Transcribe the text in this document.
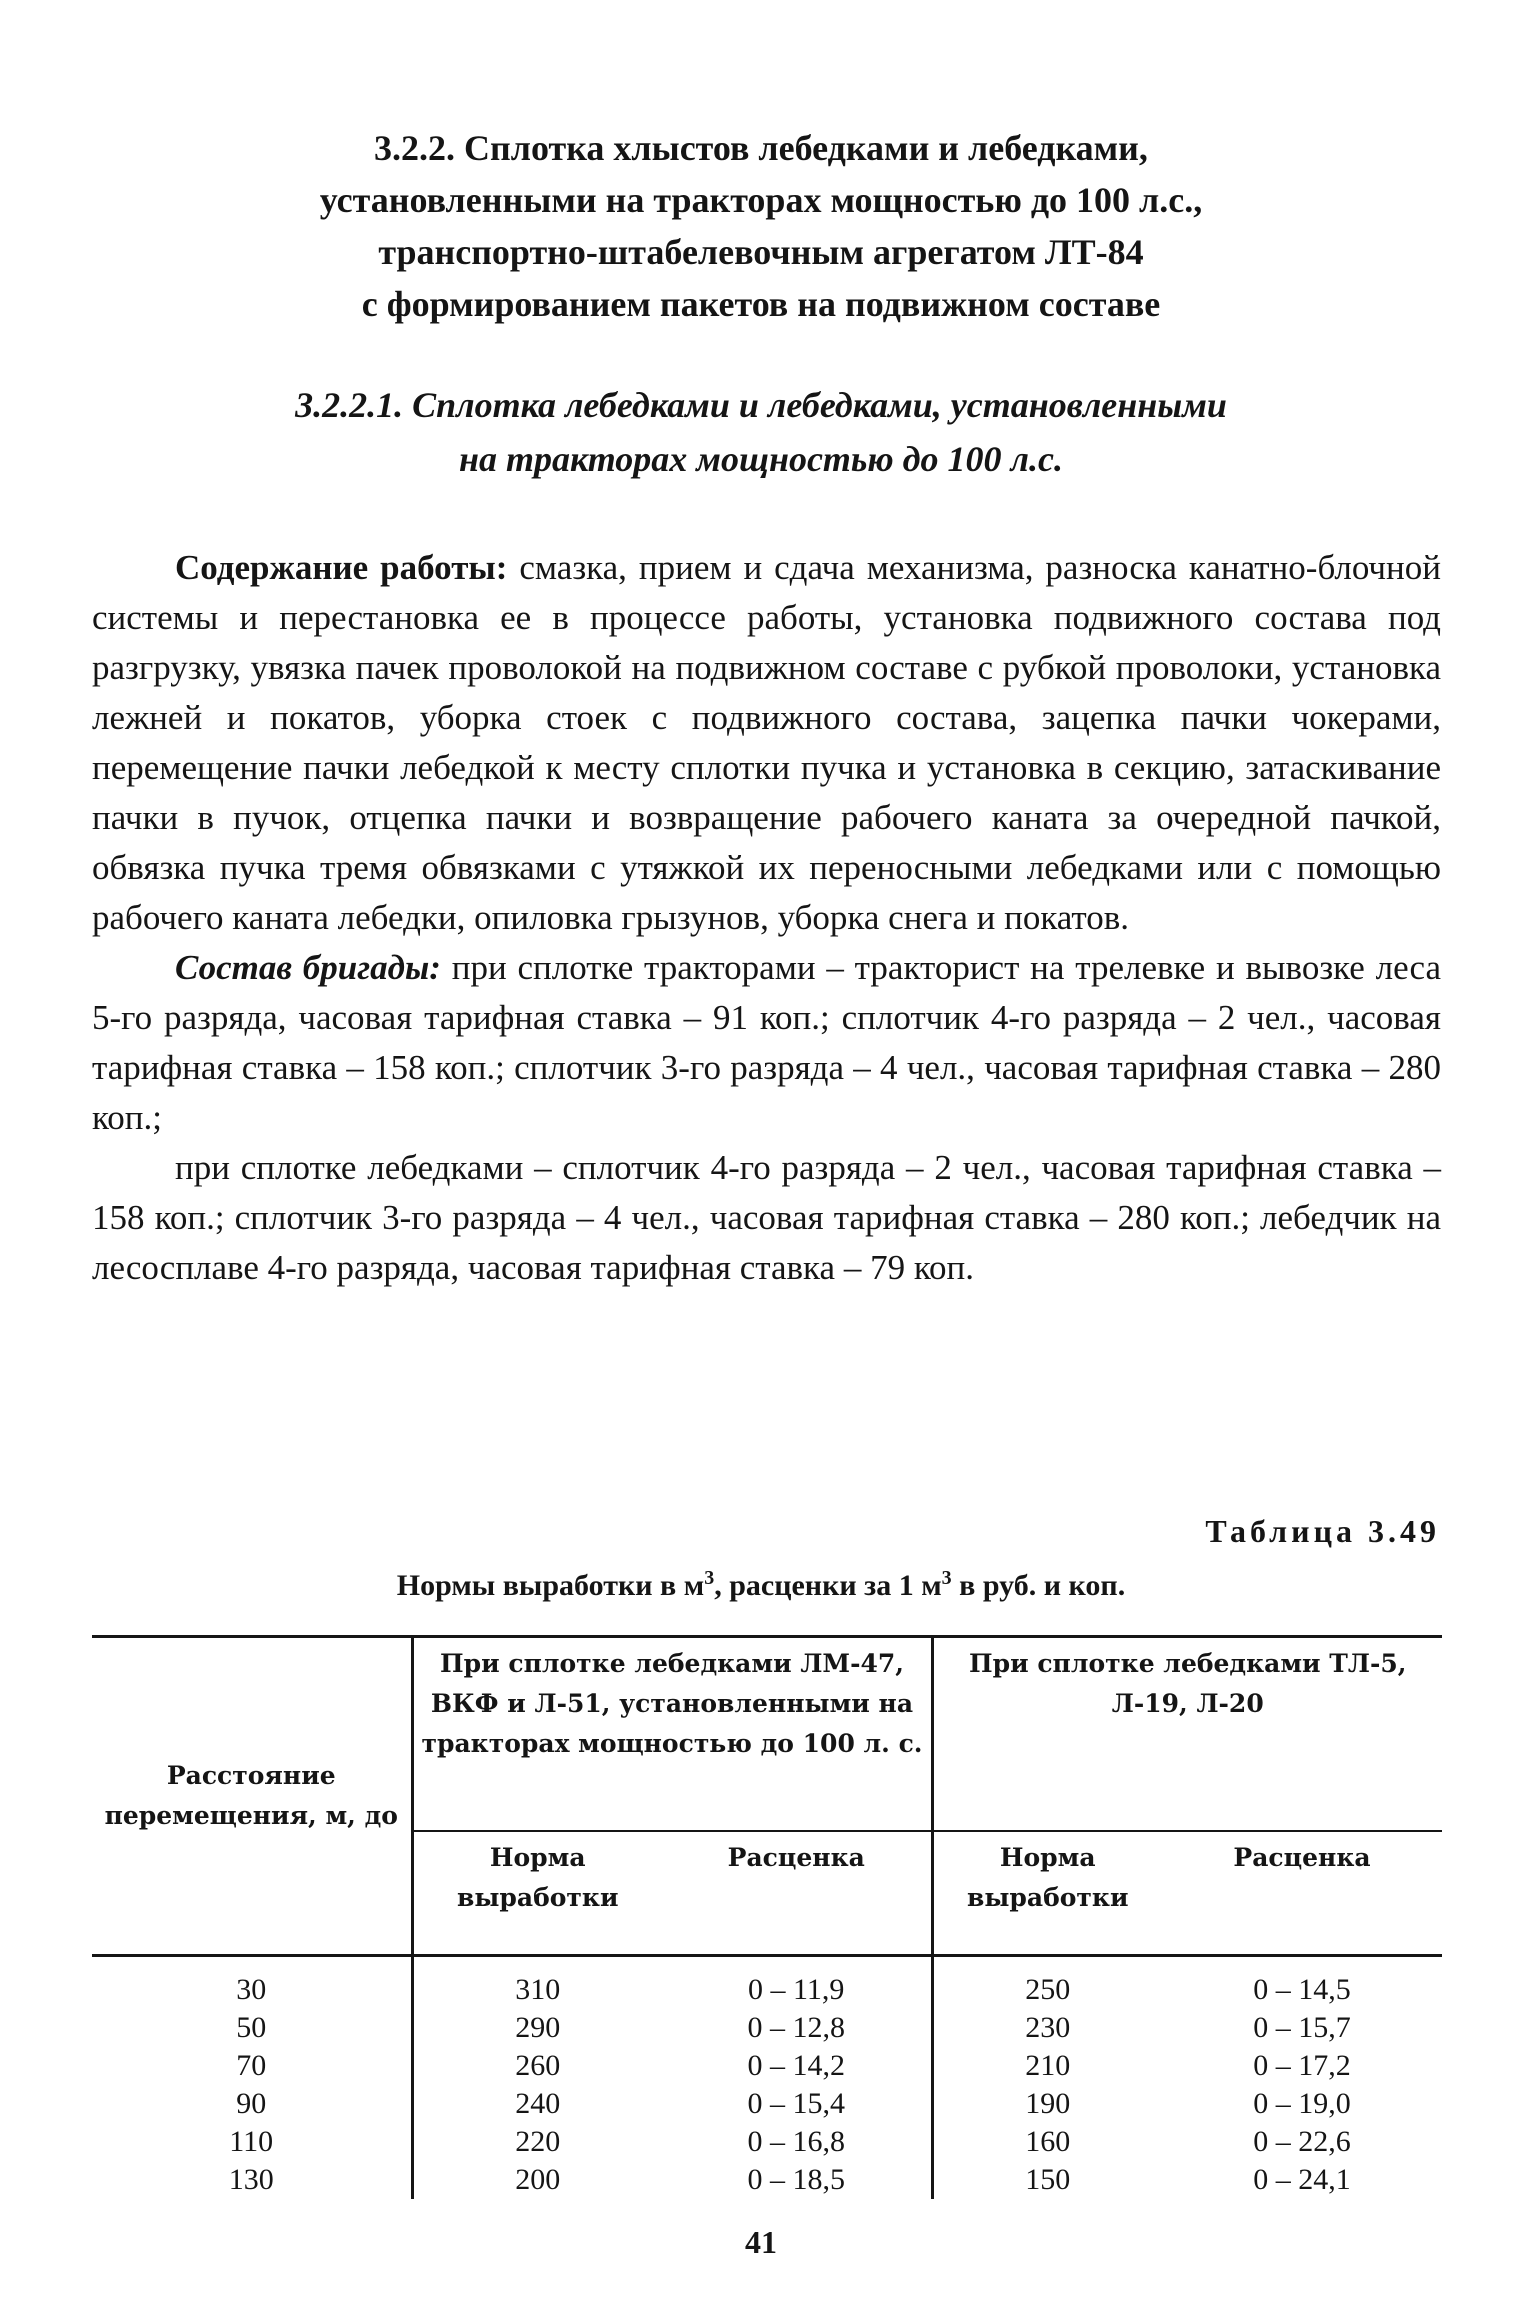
3.2.2. Сплотка хлыстов лебедками и лебедками,
установленными на тракторах мощностью до 100 л.с.,
транспортно-штабелевочным агрегатом ЛТ-84
с формированием пакетов на подвижном составе
3.2.2.1. Сплотка лебедками и лебедками, установленными
на тракторах мощностью до 100 л.с.

Содержание работы: смазка, прием и сдача механизма, разноска канатно-блочной системы и перестановка ее в процессе работы, установка подвижного состава под разгрузку, увязка пачек проволокой на подвижном составе с рубкой проволоки, установка лежней и покатов, уборка стоек с подвижного состава, зацепка пачки чокерами, перемещение пачки лебедкой к месту сплотки пучка и установка в секцию, затаскивание пачки в пучок, отцепка пачки и возвращение рабочего каната за очередной пачкой, обвязка пучка тремя обвязками с утяжкой их переносными лебедками или с помощью рабочего каната лебедки, опиловка грызунов, уборка снега и покатов.

Состав бригады: при сплотке тракторами – тракторист на трелевке и вывозке леса 5-го разряда, часовая тарифная ставка – 91 коп.; сплотчик 4-го разряда – 2 чел., часовая тарифная ставка – 158 коп.; сплотчик 3-го разряда – 4 чел., часовая тарифная ставка – 280 коп.;

при сплотке лебедками – сплотчик 4-го разряда – 2 чел., часовая тарифная ставка – 158 коп.; сплотчик 3-го разряда – 4 чел., часовая тарифная ставка – 280 коп.; лебедчик на лесосплаве 4-го разряда, часовая тарифная ставка – 79 коп.

Таблица 3.49
Нормы выработки в $м^3$, расценки за 1 $м^3$ в руб. и коп.
Расстояние перемещения, м, до	При сплотке лебедками ЛМ-47, ВКФ и Л-51, установленными на тракторах мощностью до 100 л. с.		При сплотке лебедками ТЛ-5, Л-19, Л-20	
	Норма выработки	Расценка	Норма выработки	Расценка
30	310	0 – 11,9	250	0 – 14,5
50	290	0 – 12,8	230	0 – 15,7
70	260	0 – 14,2	210	0 – 17,2
90	240	0 – 15,4	190	0 – 19,0
110	220	0 – 16,8	160	0 – 22,6
130	200	0 – 18,5	150	0 – 24,1
41
